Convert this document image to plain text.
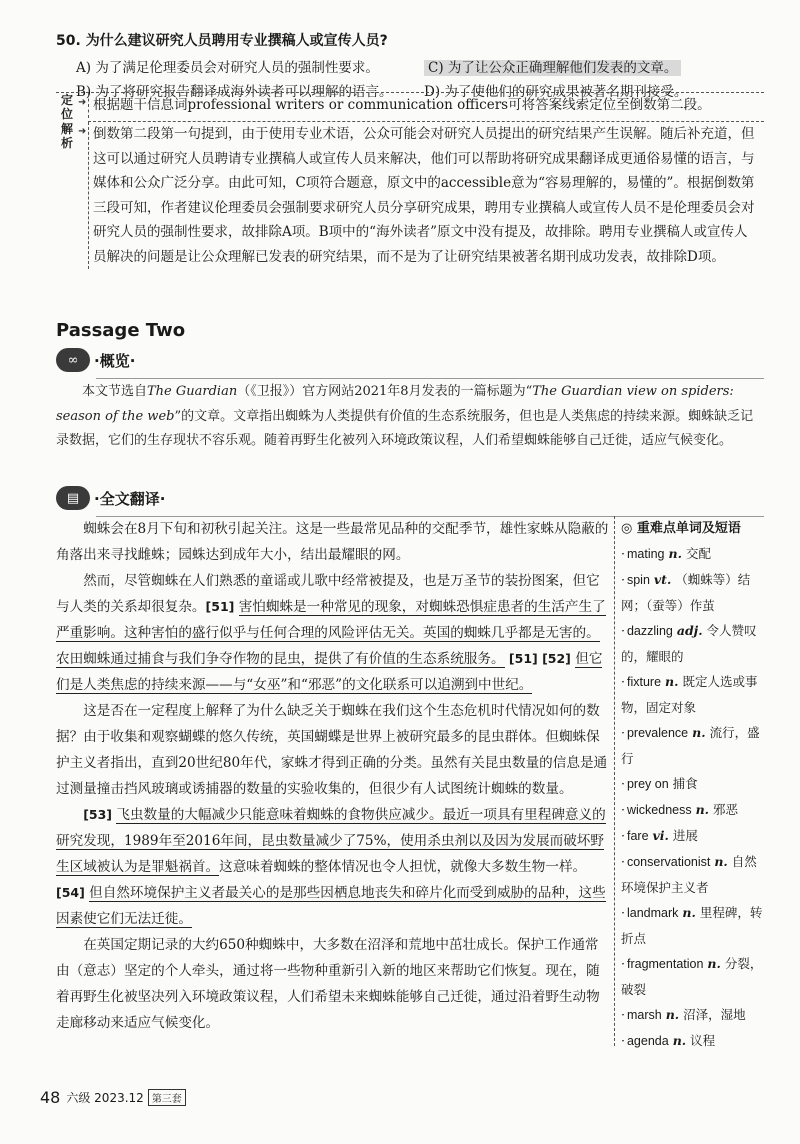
50. 为什么建议研究人员聘用专业撰稿人或宣传人员?
A) 为了满足伦理委员会对研究人员的强制性要求。	C) 为了让公众正确理解他们发表的文章。
B) 为了将研究报告翻译成海外读者可以理解的语言。	D) 为了使他们的研究成果被著名期刊接受。
定位
➜ 根据题干信息词professional writers or communication officers可将答案线索定位至倒数第二段。
解析
➜ 倒数第二段第一句提到，由于使用专业术语，公众可能会对研究人员提出的研究结果产生误解。随后补充道，但这可以通过研究人员聘请专业撰稿人或宣传人员来解决，他们可以帮助将研究成果翻译成更通俗易懂的语言，与媒体和公众广泛分享。由此可知，C项符合题意，原文中的accessible意为“容易理解的，易懂的”。根据倒数第三段可知，作者建议伦理委员会强制要求研究人员分享研究成果，聘用专业撰稿人或宣传人员不是伦理委员会对研究人员的强制性要求，故排除A项。B项中的“海外读者”原文中没有提及，故排除。聘用专业撰稿人或宣传人员解决的问题是让公众理解已发表的研究结果，而不是为了让研究结果被著名期刊成功发表，故排除D项。
Passage Two
∞	·概览·
本文节选自The Guardian（《卫报》）官方网站2021年8月发表的一篇标题为“The Guardian view on spiders: season of the web”的文章。文章指出蜘蛛为人类提供有价值的生态系统服务，但也是人类焦虑的持续来源。蜘蛛缺乏记录数据，它们的生存现状不容乐观。随着再野生化被列入环境政策议程，人们希望蜘蛛能够自己迁徙，适应气候变化。
▤ ·全文翻译·

蜘蛛会在8月下旬和初秋引起关注。这是一些最常见品种的交配季节，雄性家蛛从隐蔽的角落出来寻找雌蛛；园蛛达到成年大小，结出最耀眼的网。

然而，尽管蜘蛛在人们熟悉的童谣或儿歌中经常被提及，也是万圣节的装扮图案，但它与人类的关系却很复杂。[51] 害怕蜘蛛是一种常见的现象，对蜘蛛恐惧症患者的生活产生了严重影响。这种害怕的盛行似乎与任何合理的风险评估无关。英国的蜘蛛几乎都是无害的。农田蜘蛛通过捕食与我们争夺作物的昆虫，提供了有价值的生态系统服务。 [51] [52] 但它们是人类焦虑的持续来源——与“女巫”和“邪恶”的文化联系可以追溯到中世纪。

这是否在一定程度上解释了为什么缺乏关于蜘蛛在我们这个生态危机时代情况如何的数据？由于收集和观察蝴蝶的悠久传统，英国蝴蝶是世界上被研究最多的昆虫群体。但蜘蛛保护主义者指出，直到20世纪80年代，家蛛才得到正确的分类。虽然有关昆虫数量的信息是通过测量撞击挡风玻璃或诱捕器的数量的实验收集的，但很少有人试图统计蜘蛛的数量。

[53] 飞虫数量的大幅减少只能意味着蜘蛛的食物供应减少。最近一项具有里程碑意义的研究发现，1989年至2016年间，昆虫数量减少了75%，使用杀虫剂以及因为发展而破坏野生区域被认为是罪魁祸首。这意味着蜘蛛的整体情况也令人担忧，就像大多数生物一样。 [54] 但自然环境保护主义者最关心的是那些因栖息地丧失和碎片化而受到威胁的品种，这些因素使它们无法迁徙。

在英国定期记录的大约650种蜘蛛中，大多数在沼泽和荒地中茁壮成长。保护工作通常由（意志）坚定的个人牵头，通过将一些物种重新引入新的地区来帮助它们恢复。现在，随着再野生化被坚决列入环境政策议程，人们希望未来蜘蛛能够自己迁徙，通过沿着野生动物走廊移动来适应气候变化。

◎ 重难点单词及短语
· mating n. 交配
· spin vt. （蜘蛛等）结网；（蚕等）作茧
· dazzling adj. 令人赞叹的，耀眼的
· fixture n. 既定人选或事物，固定对象
· prevalence n. 流行，盛行
· prey on 捕食
· wickedness n. 邪恶
· fare vi. 进展
· conservationist n. 自然环境保护主义者
· landmark n. 里程碑，转折点
· fragmentation n. 分裂，破裂
· marsh n. 沼泽，湿地
· agenda n. 议程
48 六级 2023.12 第三套
